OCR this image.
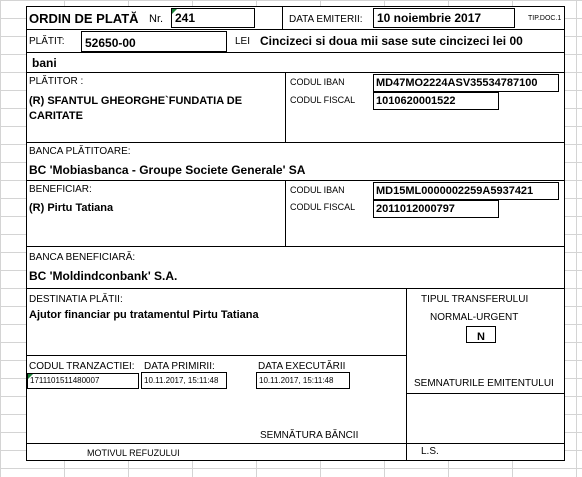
ORDIN DE PLATĂ Nr. 241	DATA EMITERII: 10 noiembrie 2017	TIP.DOC.1
PLĂTIT: 52650-00	LEI Cincizeci si doua mii sase sute cincizeci lei 00
bani
PLĂTITOR :
(R) SFANTUL GHEORGHE`FUNDATIA DE
CARITATE
CODUL IBAN	MD47MO2224ASV35534787100
CODUL FISCAL 1010620001522
BANCA PLĂTITOARE:
BC 'Mobiasbanca - Groupe Societe Generale' SA
BENEFICIAR:
(R) Pirtu Tatiana
CODUL IBAN	MD15ML0000002259A5937421
CODUL FISCAL 2011012000797
BANCA BENEFICIARĂ:
BC 'Moldindconbank' S.A.
DESTINATIA PLĂTII:
Ajutor financiar pu tratamentul Pirtu Tatiana
TIPUL TRANSFERULUI
NORMAL-URGENT
N
CODUL TRANZACTIEI: DATA PRIMIRII:	DATA EXECUTĂRII
1711101511480007	10.11.2017, 15:11:48	10.11.2017, 15:11:48	SEMNATURILE EMITENTULUI
SEMNĂTURA BĂNCII
MOTIVUL REFUZULUI	L.S.
